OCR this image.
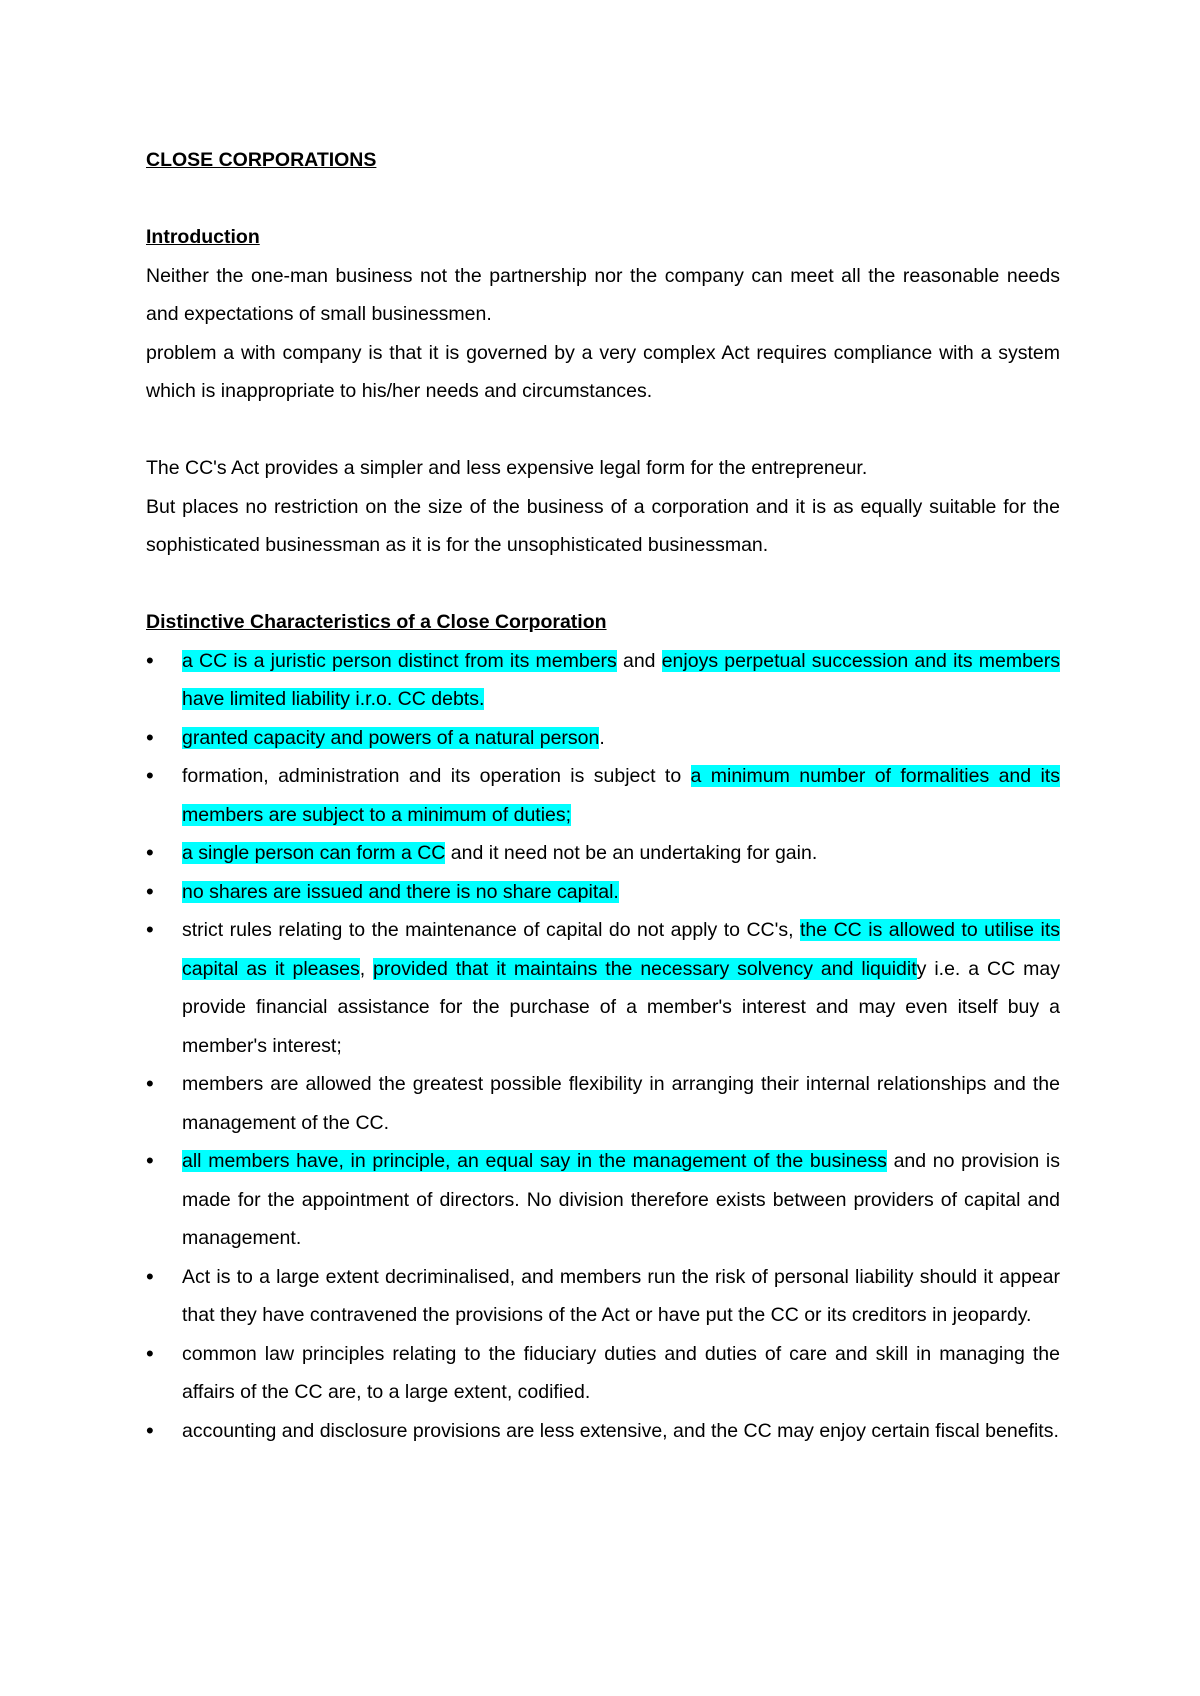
CLOSE CORPORATIONS

Introduction

Neither the one-man business not the partnership nor the company can meet all the reasonable needs and expectations of small businessmen.

problem a with company is that it is governed by a very complex Act requires compliance with a system which is inappropriate to his/her needs and circumstances.

The CC's Act provides a simpler and less expensive legal form for the entrepreneur.

But places no restriction on the size of the business of a corporation and it is as equally suitable for the sophisticated businessman as it is for the unsophisticated businessman.

Distinctive Characteristics of a Close Corporation

• a CC is a juristic person distinct from its members and enjoys perpetual succession and its members have limited liability i.r.o. CC debts.
• granted capacity and powers of a natural person.
• formation, administration and its operation is subject to a minimum number of formalities and its members are subject to a minimum of duties;
• a single person can form a CC and it need not be an undertaking for gain.
• no shares are issued and there is no share capital.
• strict rules relating to the maintenance of capital do not apply to CC's, the CC is allowed to utilise its capital as it pleases, provided that it maintains the necessary solvency and liquidity i.e. a CC may provide financial assistance for the purchase of a member's interest and may even itself buy a member's interest;
• members are allowed the greatest possible flexibility in arranging their internal relationships and the management of the CC.
• all members have, in principle, an equal say in the management of the business and no provision is made for the appointment of directors. No division therefore exists between providers of capital and management.
• Act is to a large extent decriminalised, and members run the risk of personal liability should it appear that they have contravened the provisions of the Act or have put the CC or its creditors in jeopardy.
• common law principles relating to the fiduciary duties and duties of care and skill in managing the affairs of the CC are, to a large extent, codified.
• accounting and disclosure provisions are less extensive, and the CC may enjoy certain fiscal benefits.
